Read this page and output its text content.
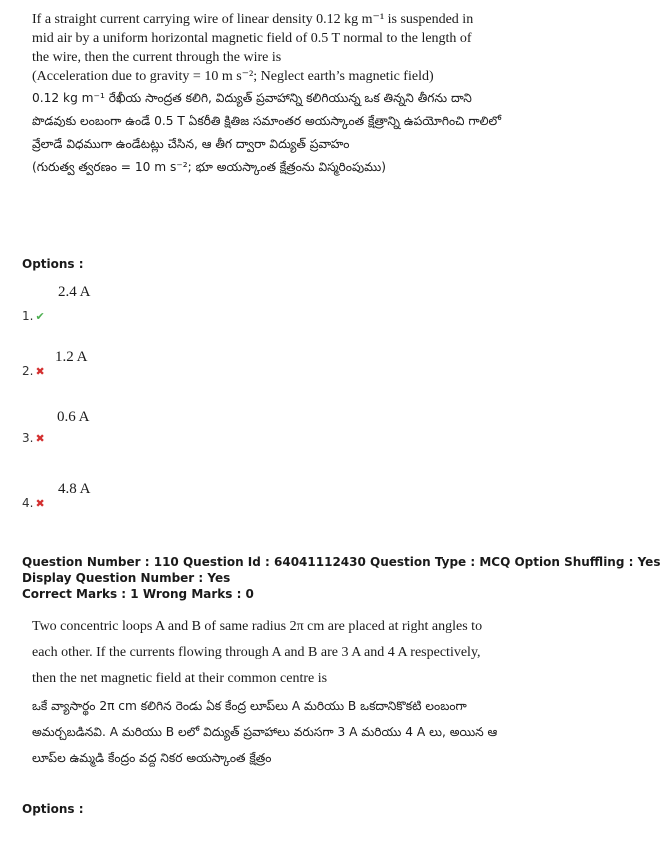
If a straight current carrying wire of linear density 0.12 kg m⁻¹ is suspended in
mid air by a uniform horizontal magnetic field of 0.5 T normal to the length of
the wire, then the current through the wire is
(Acceleration due to gravity = 10 m s⁻²; Neglect earth’s magnetic field)
0.12 kg m⁻¹ రేఖీయ సాంద్రత కలిగి, విద్యుత్ ప్రవాహాన్ని కలిగియున్న ఒక తిన్నని తీగను దాని
పొడవుకు లంబంగా ఉండే 0.5 T ఏకరీతి క్షితిజ సమాంతర అయస్కాంత క్షేత్రాన్ని ఉపయోగించి గాలిలో
వ్రేలాడే విధముగా ఉండేటట్లు చేసిన, ఆ తీగ ద్వారా విద్యుత్ ప్రవాహం
(గురుత్వ త్వరణం = 10 m s⁻²; భూ అయస్కాంత క్షేత్రంను విస్మరింపుము)
Options :
2.4 A
1. ✔
1.2 A
2. ✖
0.6 A
3. ✖
4.8 A
4. ✖
Question Number : 110 Question Id : 64041112430 Question Type : MCQ Option Shuffling : Yes
Display Question Number : Yes
Correct Marks : 1 Wrong Marks : 0
Two concentric loops A and B of same radius 2π cm are placed at right angles to
each other. If the currents flowing through A and B are 3 A and 4 A respectively,
then the net magnetic field at their common centre is
ఒకే వ్యాసార్థం 2π cm కలిగిన రెండు ఏక కేంద్ర లూప్‌లు A మరియు B ఒకదానికొకటి లంబంగా
అమర్చబడినవి. A మరియు B లలో విద్యుత్ ప్రవాహాలు వరుసగా 3 A మరియు 4 A లు, అయిన ఆ
లూప్‌ల ఉమ్మడి కేంద్రం వద్ద నికర అయస్కాంత క్షేత్రం
Options :
